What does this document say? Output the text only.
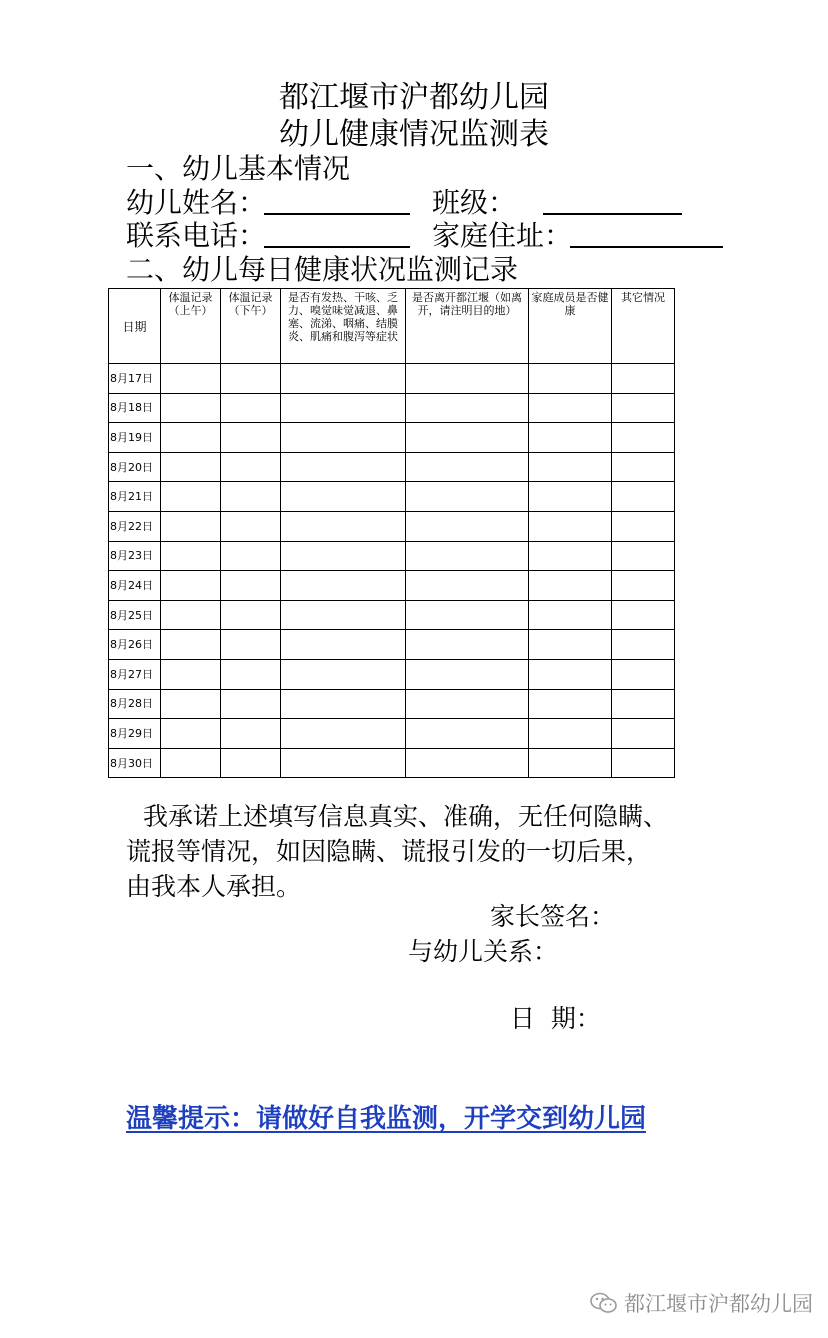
都江堰市沪都幼儿园
幼儿健康情况监测表
一、幼儿基本情况
幼儿姓名：	班级：
联系电话：	家庭住址：
二、幼儿每日健康状况监测记录
日期	体温记录（上午）	体温记录（下午）	是否有发热、干咳、乏力、嗅觉味觉减退、鼻塞、流涕、咽痛、结膜炎、肌痛和腹泻等症状	是否离开都江堰（如离开，请注明目的地）	家庭成员是否健康	其它情况
8月17日						
8月18日						
8月19日						
8月20日						
8月21日						
8月22日						
8月23日						
8月24日						
8月25日						
8月26日						
8月27日						
8月28日						
8月29日						
8月30日						
我承诺上述填写信息真实、准确，无任何隐瞒、
谎报等情况，如因隐瞒、谎报引发的一切后果，
由我本人承担。
家长签名：
与幼儿关系：
日  期：
温馨提示：请做好自我监测，开学交到幼儿园
都江堰市沪都幼儿园
